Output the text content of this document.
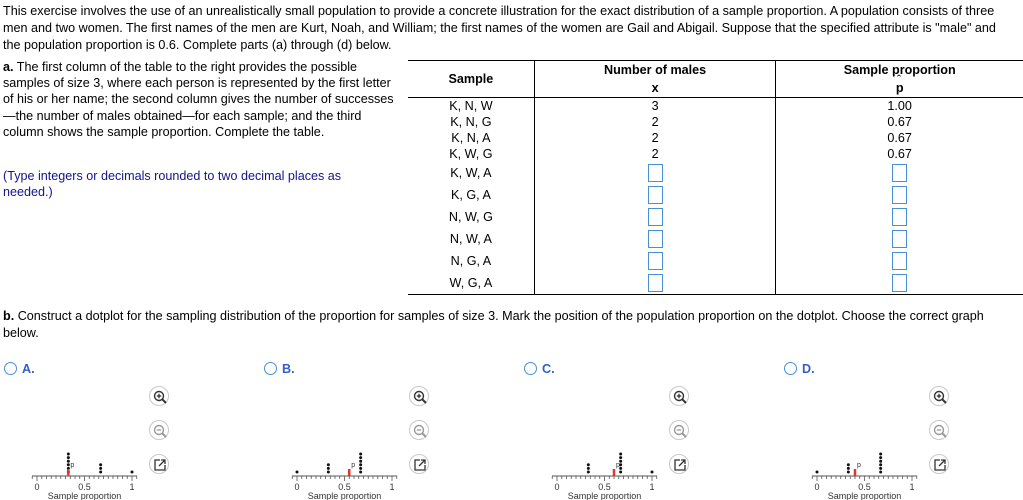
This exercise involves the use of an unrealistically small population to provide a concrete illustration for the exact distribution of a sample proportion. A population consists of three
men and two women. The first names of the men are Kurt, Noah, and William; the first names of the women are Gail and Abigail. Suppose that the specified attribute is "male" and
the population proportion is 0.6. Complete parts (a) through (d) below.
a. The first column of the table to the right provides the possible samples of size 3, where each person is represented by the first letter of his or her name; the second column gives the number of successes—the number of males obtained—for each sample; and the third column shows the sample proportion. Complete the table.
(Type integers or decimals rounded to two decimal places as needed.)
Sample	Number of males	Sample proportion
	x	ˆ p
K, N, W	3	1.00
K, N, G	2	0.67
K, N, A	2	0.67
K, W, G	2	0.67
K, W, A		
K, G, A		
N, W, G		
N, W, A		
N, G, A		
W, G, A		
b. Construct a dotplot for the sampling distribution of the proportion for samples of size 3. Mark the position of the population proportion on the dotplot. Choose the correct graph below.
A.
0	0.5	1
Sample proportion
p
B.
0	0.5	1
Sample proportion
p
C.
0	0.5	1
Sample proportion
p
D.
0	0.5	1
Sample proportion
p
